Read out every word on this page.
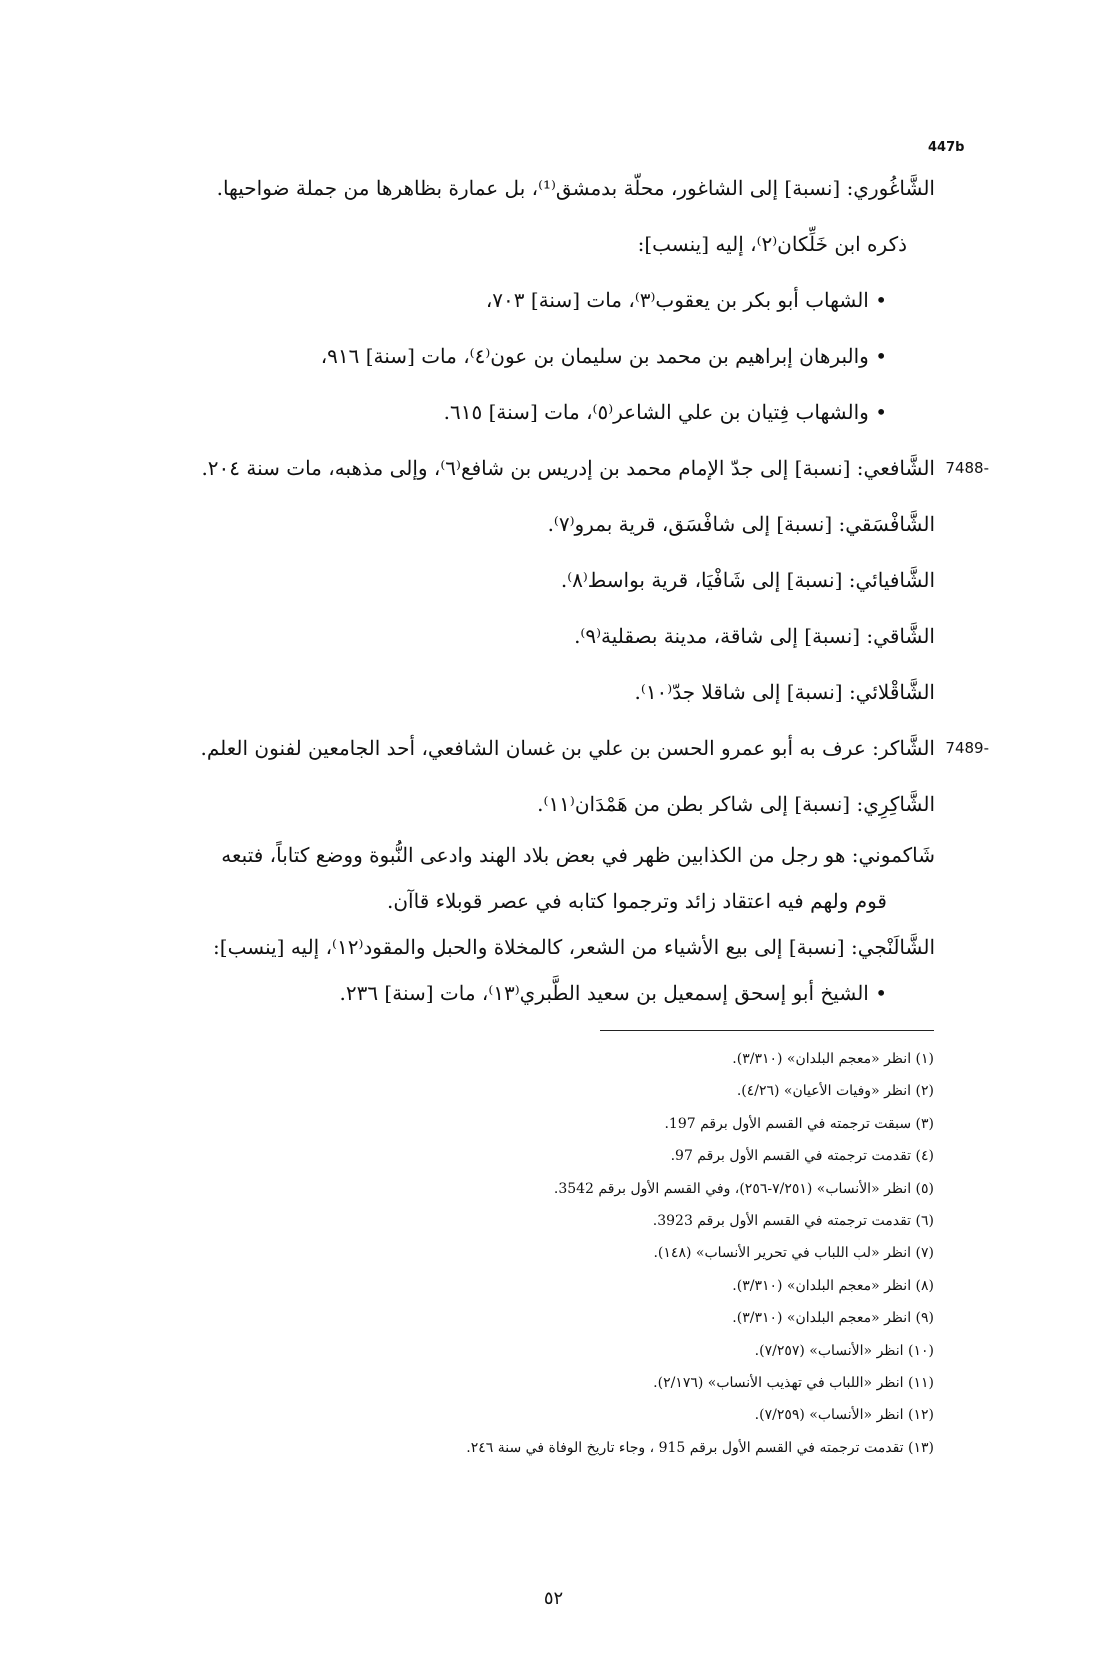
447b
الشَّاغُوري: [نسبة] إلى الشاغور، محلّة بدمشق⁽¹⁾، بل عمارة بظاهرها من جملة ضواحيها.
ذكره ابن خَلِّكان⁽٢⁾، إليه [ينسب]:
• الشهاب أبو بكر بن يعقوب⁽٣⁾، مات [سنة] ٧٠٣،
• والبرهان إبراهيم بن محمد بن سليمان بن عون⁽٤⁾، مات [سنة] ٩١٦،
• والشهاب فِتيان بن علي الشاعر⁽٥⁾، مات [سنة] ٦١٥.
7488-
الشَّافعي: [نسبة] إلى جدّ الإمام محمد بن إدريس بن شافع⁽٦⁾، وإلى مذهبه، مات سنة ٢٠٤.
الشَّافْسَقي: [نسبة] إلى شافْسَق، قرية بمرو⁽٧⁾.
الشَّافيائي: [نسبة] إلى شَافْيَا، قرية بواسط⁽٨⁾.
الشَّاقي: [نسبة] إلى شاقة، مدينة بصقلية⁽٩⁾.
الشَّاقْلائي: [نسبة] إلى شاقلا جدّ⁽١٠⁾.
7489-
الشَّاكر: عرف به أبو عمرو الحسن بن علي بن غسان الشافعي، أحد الجامعين لفنون العلم.
الشَّاكِرِي: [نسبة] إلى شاكر بطن من هَمْدَان⁽١١⁾.
شَاكموني: هو رجل من الكذابين ظهر في بعض بلاد الهند وادعى النُّبوة ووضع كتاباً، فتبعه
قوم ولهم فيه اعتقاد زائد وترجموا كتابه في عصر قوبلاء قاآن.
الشَّالَنْجي: [نسبة] إلى بيع الأشياء من الشعر، كالمخلاة والحبل والمقود⁽١٢⁾، إليه [ينسب]:
• الشيخ أبو إسحق إسمعيل بن سعيد الطَّبري⁽١٣⁾، مات [سنة] ٢٣٦.
(١) انظر «معجم البلدان» (٣/٣١٠).
(٢) انظر «وفيات الأعيان» (٤/٢٦).
(٣) سبقت ترجمته في القسم الأول برقم 197.
(٤) تقدمت ترجمته في القسم الأول برقم 97.
(٥) انظر «الأنساب» (٧/٢٥١-٢٥٦)، وفي القسم الأول برقم 3542.
(٦) تقدمت ترجمته في القسم الأول برقم 3923.
(٧) انظر «لب اللباب في تحرير الأنساب» (١٤٨).
(٨) انظر «معجم البلدان» (٣/٣١٠).
(٩) انظر «معجم البلدان» (٣/٣١٠).
(١٠) انظر «الأنساب» (٧/٢٥٧).
(١١) انظر «اللباب في تهذيب الأنساب» (٢/١٧٦).
(١٢) انظر «الأنساب» (٧/٢٥٩).
(١٣) تقدمت ترجمته في القسم الأول برقم 915 ، وجاء تاريخ الوفاة في سنة ٢٤٦.
٥٢
